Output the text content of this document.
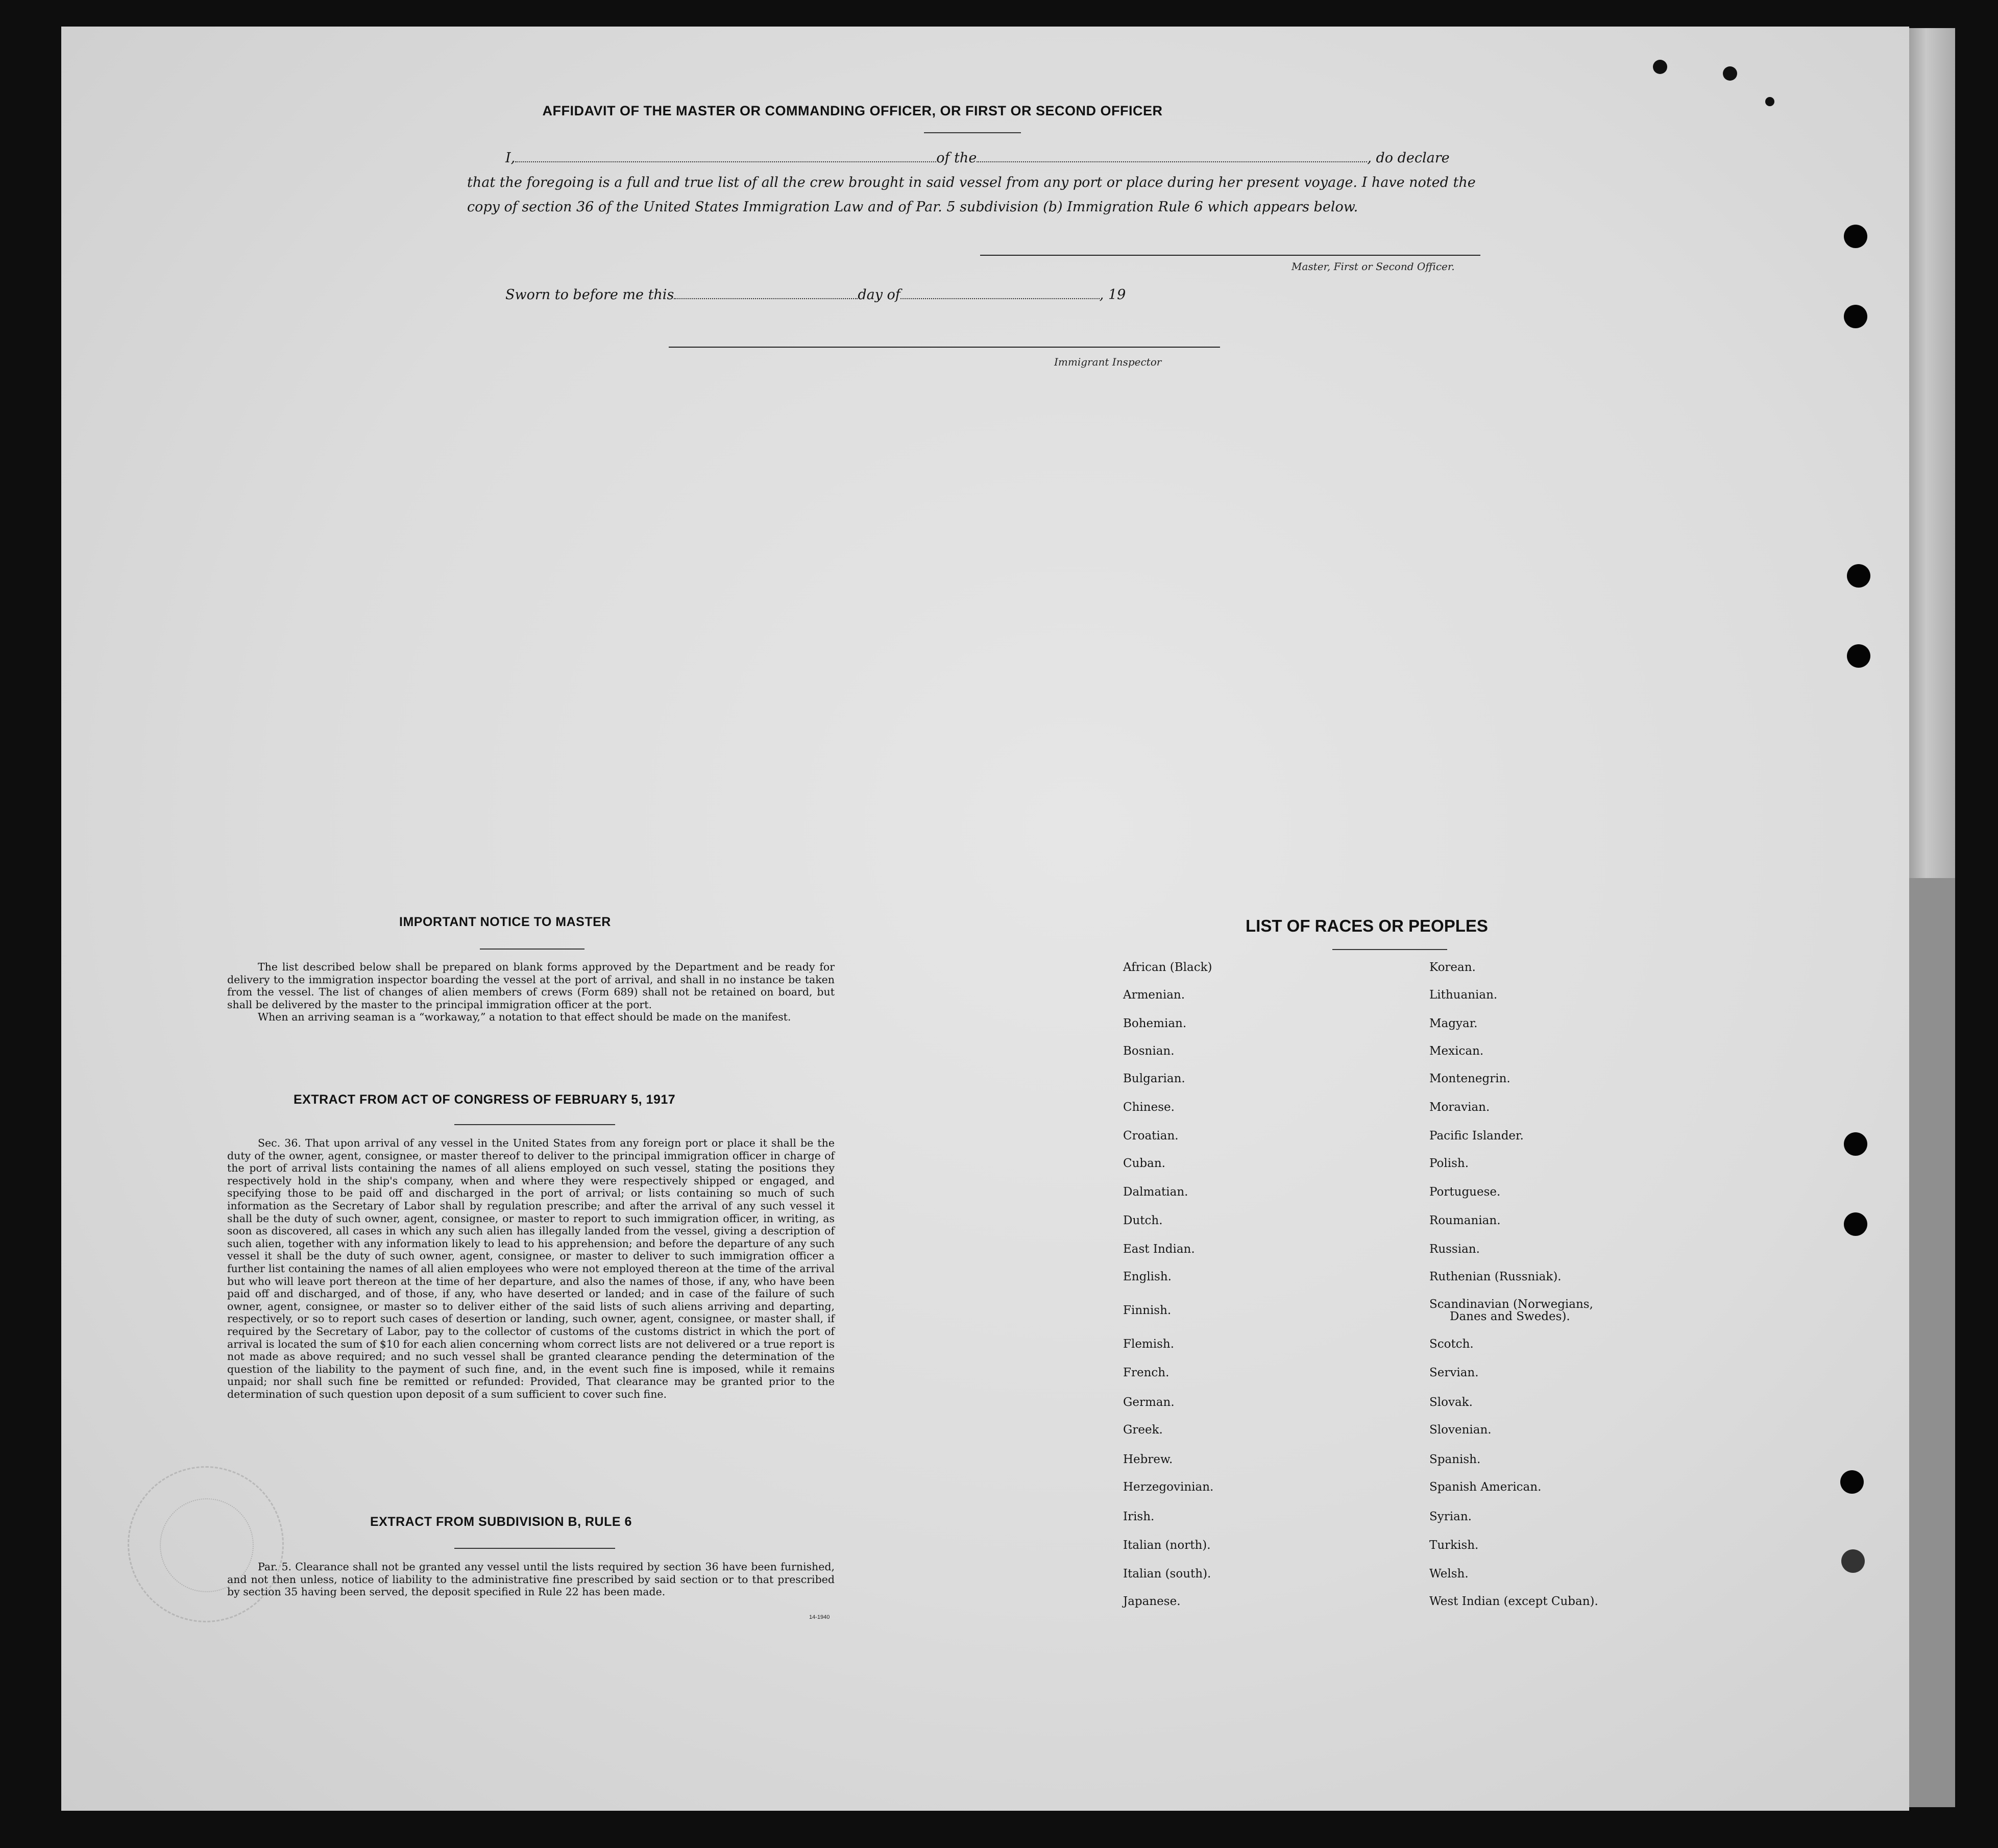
AFFIDAVIT OF THE MASTER OR COMMANDING OFFICER, OR FIRST OR SECOND OFFICER
I,	of the	, do declare
that the foregoing is a full and true list of all the crew brought in said vessel from any port or place during her present voyage. I have noted the
copy of section 36 of the United States Immigration Law and of Par. 5 subdivision (b) Immigration Rule 6 which appears below.
Master, First or Second Officer.
Sworn to before me this	day of	, 19
Immigrant Inspector
IMPORTANT NOTICE TO MASTER

The list described below shall be prepared on blank forms approved by the Department and be ready for delivery to the immigration inspector boarding the vessel at the port of arrival, and shall in no instance be taken from the vessel. The list of changes of alien members of crews (Form 689) shall not be retained on board, but shall be delivered by the master to the principal immigration officer at the port.

When an arriving seaman is a “workaway,” a notation to that effect should be made on the manifest.

EXTRACT FROM ACT OF CONGRESS OF FEBRUARY 5, 1917

Sec. 36. That upon arrival of any vessel in the United States from any foreign port or place it shall be the duty of the owner, agent, consignee, or master thereof to deliver to the principal immigration officer in charge of the port of arrival lists containing the names of all aliens employed on such vessel, stating the positions they respectively hold in the ship's company, when and where they were respectively shipped or engaged, and specifying those to be paid off and discharged in the port of arrival; or lists containing so much of such information as the Secretary of Labor shall by regulation prescribe; and after the arrival of any such vessel it shall be the duty of such owner, agent, consignee, or master to report to such immigration officer, in writing, as soon as discovered, all cases in which any such alien has illegally landed from the vessel, giving a description of such alien, together with any information likely to lead to his apprehension; and before the departure of any such vessel it shall be the duty of such owner, agent, consignee, or master to deliver to such immigration officer a further list containing the names of all alien employees who were not employed thereon at the time of the arrival but who will leave port thereon at the time of her departure, and also the names of those, if any, who have been paid off and discharged, and of those, if any, who have deserted or landed; and in case of the failure of such owner, agent, consignee, or master so to deliver either of the said lists of such aliens arriving and departing, respectively, or so to report such cases of desertion or landing, such owner, agent, consignee, or master shall, if required by the Secretary of Labor, pay to the collector of customs of the customs district in which the port of arrival is located the sum of $10 for each alien concerning whom correct lists are not delivered or a true report is not made as above required; and no such vessel shall be granted clearance pending the determination of the question of the liability to the payment of such fine, and, in the event such fine is imposed, while it remains unpaid; nor shall such fine be remitted or refunded: Provided, That clearance may be granted prior to the determination of such question upon deposit of a sum sufficient to cover such fine.

EXTRACT FROM SUBDIVISION B, RULE 6

Par. 5. Clearance shall not be granted any vessel until the lists required by section 36 have been furnished, and not then unless, notice of liability to the administrative fine prescribed by said section or to that prescribed by section 35 having been served, the deposit specified in Rule 22 has been made.

14-1940
LIST OF RACES OR PEOPLES
African (Black)
Armenian.
Bohemian.
Bosnian.
Bulgarian.
Chinese.
Croatian.
Cuban.
Dalmatian.
Dutch.
East Indian.
English.
Finnish.
Flemish.
French.
German.
Greek.
Hebrew.
Herzegovinian.
Irish.
Italian (north).
Italian (south).
Japanese.
Korean.
Lithuanian.
Magyar.
Mexican.
Montenegrin.
Moravian.
Pacific Islander.
Polish.
Portuguese.
Roumanian.
Russian.
Ruthenian (Russniak).
Scandinavian (Norwegians,
Danes and Swedes).
Scotch.
Servian.
Slovak.
Slovenian.
Spanish.
Spanish American.
Syrian.
Turkish.
Welsh.
West Indian (except Cuban).
